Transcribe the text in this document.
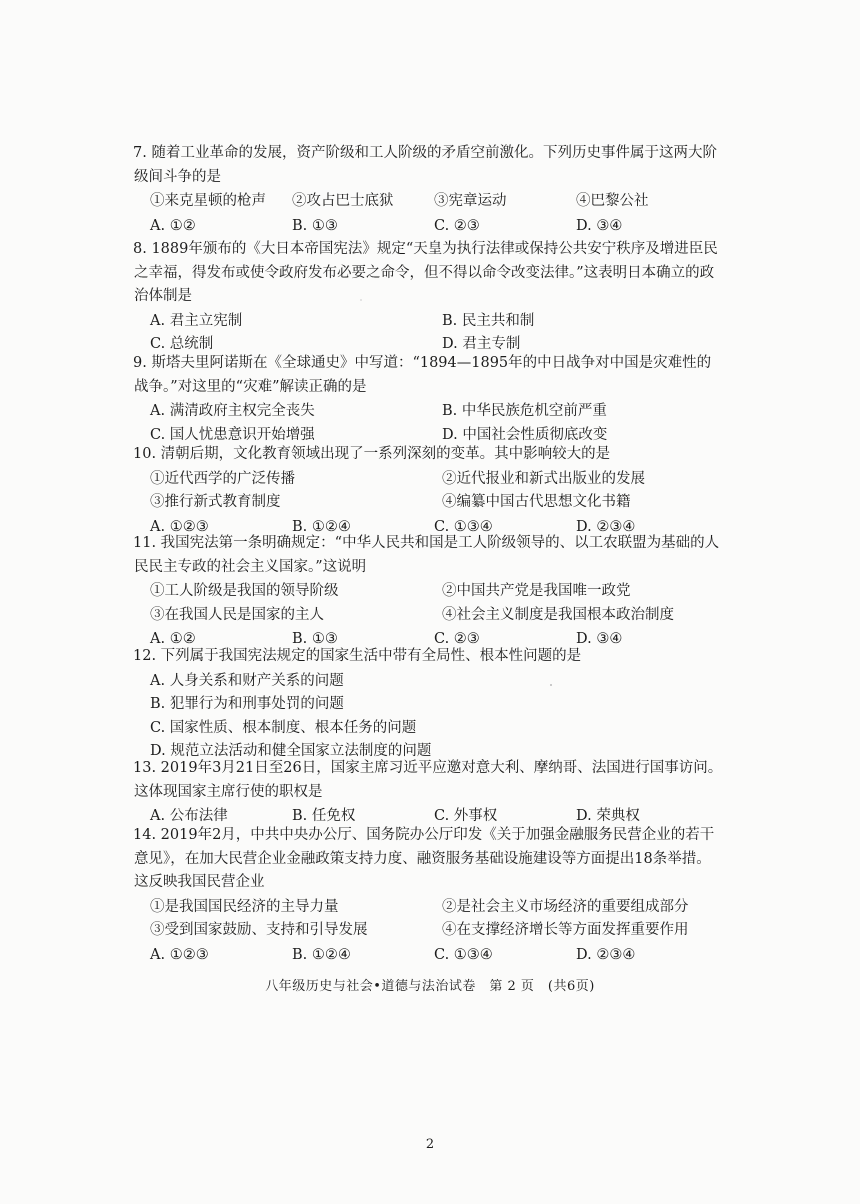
7. 随着工业革命的发展，资产阶级和工人阶级的矛盾空前激化。下列历史事件属于这两大阶级间斗争的是
①来克星顿的枪声	②攻占巴士底狱	③宪章运动	④巴黎公社
A. ①②	B. ①③	C. ②③	D. ③④
8. 1889年颁布的《大日本帝国宪法》规定“天皇为执行法律或保持公共安宁秩序及增进臣民之幸福，得发布或使令政府发布必要之命令，但不得以命令改变法律。”这表明日本确立的政治体制是
A. 君主立宪制	B. 民主共和制
C. 总统制	D. 君主专制
9. 斯塔夫里阿诺斯在《全球通史》中写道：“1894—1895年的中日战争对中国是灾难性的战争。”对这里的“灾难”解读正确的是
A. 满清政府主权完全丧失	B. 中华民族危机空前严重
C. 国人忧患意识开始增强	D. 中国社会性质彻底改变
10. 清朝后期，文化教育领域出现了一系列深刻的变革。其中影响较大的是
①近代西学的广泛传播	②近代报业和新式出版业的发展
③推行新式教育制度	④编纂中国古代思想文化书籍
A. ①②③	B. ①②④	C. ①③④	D. ②③④
11. 我国宪法第一条明确规定：“中华人民共和国是工人阶级领导的、以工农联盟为基础的人民民主专政的社会主义国家。”这说明
①工人阶级是我国的领导阶级	②中国共产党是我国唯一政党
③在我国人民是国家的主人	④社会主义制度是我国根本政治制度
A. ①②	B. ①③	C. ②③	D. ③④
12. 下列属于我国宪法规定的国家生活中带有全局性、根本性问题的是
A. 人身关系和财产关系的问题
B. 犯罪行为和刑事处罚的问题
C. 国家性质、根本制度、根本任务的问题
D. 规范立法活动和健全国家立法制度的问题
13. 2019年3月21日至26日，国家主席习近平应邀对意大利、摩纳哥、法国进行国事访问。这体现国家主席行使的职权是
A. 公布法律	B. 任免权	C. 外事权	D. 荣典权
14. 2019年2月，中共中央办公厅、国务院办公厅印发《关于加强金融服务民营企业的若干意见》，在加大民营企业金融政策支持力度、融资服务基础设施建设等方面提出18条举措。这反映我国民营企业
①是我国国民经济的主导力量	②是社会主义市场经济的重要组成部分
③受到国家鼓励、支持和引导发展	④在支撑经济增长等方面发挥重要作用
A. ①②③	B. ①②④	C. ①③④	D. ②③④
八年级历史与社会•道德与法治试卷　第 2 页　(共6页)
2
